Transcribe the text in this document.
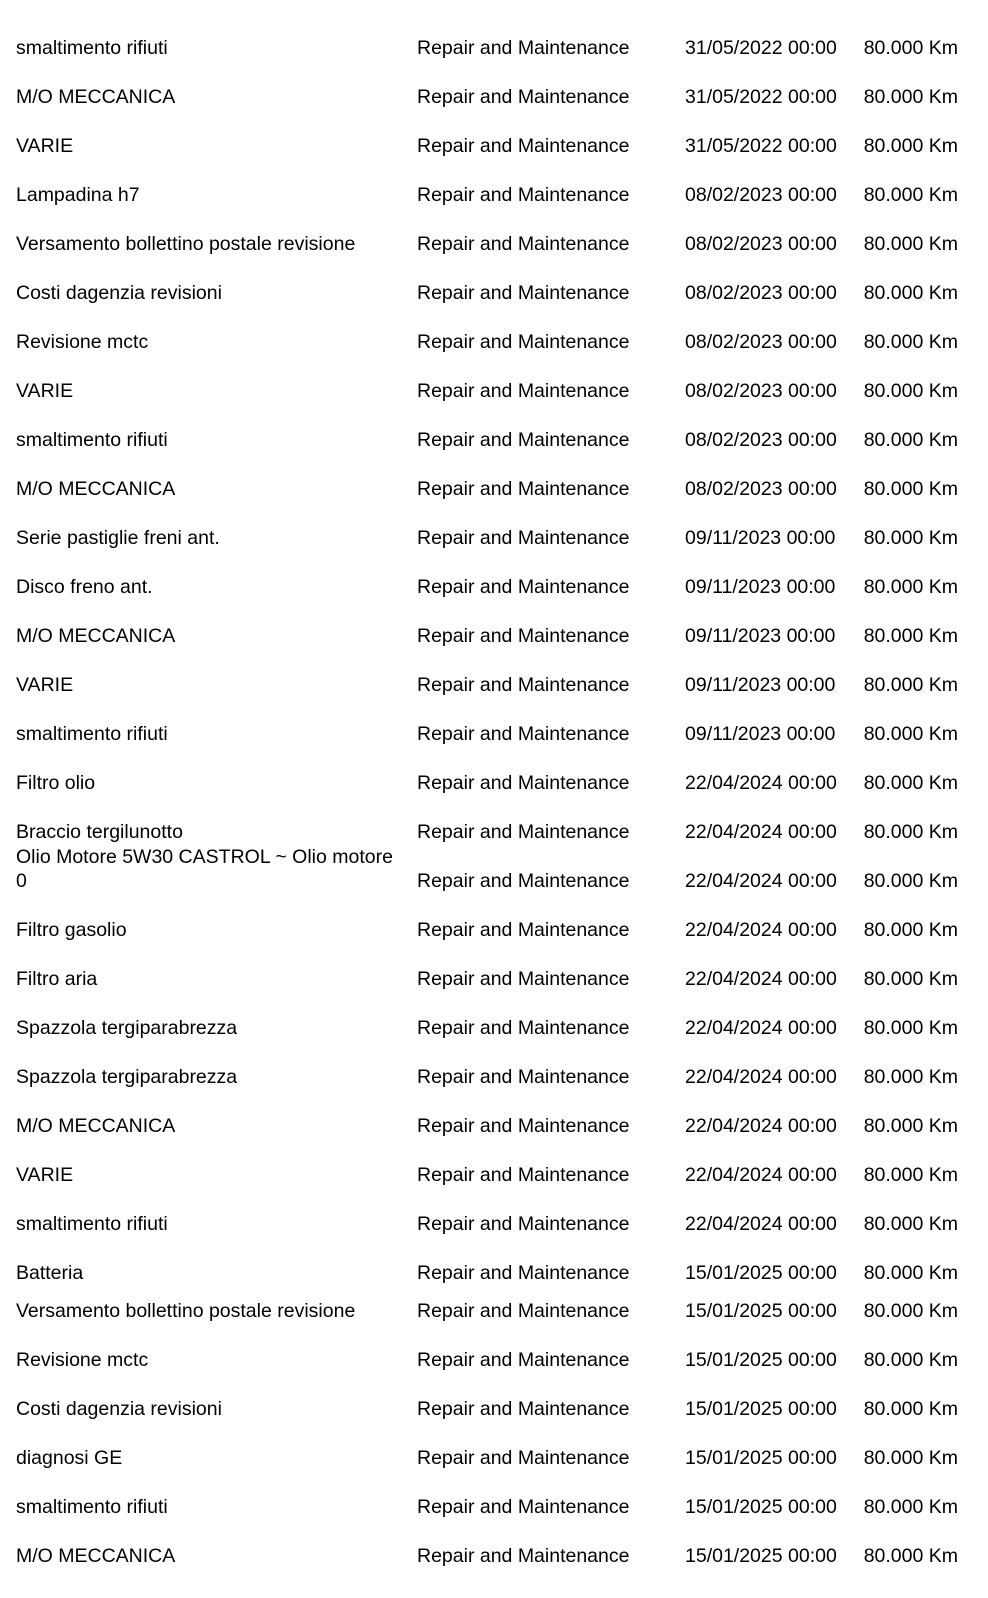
smaltimento rifiuti	Repair and Maintenance	31/05/2022 00:00 80.000 Km
M/O MECCANICA	Repair and Maintenance	31/05/2022 00:00 80.000 Km
VARIE	Repair and Maintenance	31/05/2022 00:00 80.000 Km
Lampadina h7	Repair and Maintenance	08/02/2023 00:00 80.000 Km
Versamento bollettino postale revisione	Repair and Maintenance	08/02/2023 00:00 80.000 Km
Costi dagenzia revisioni	Repair and Maintenance	08/02/2023 00:00 80.000 Km
Revisione mctc	Repair and Maintenance	08/02/2023 00:00 80.000 Km
VARIE	Repair and Maintenance	08/02/2023 00:00 80.000 Km
smaltimento rifiuti	Repair and Maintenance	08/02/2023 00:00 80.000 Km
M/O MECCANICA	Repair and Maintenance	08/02/2023 00:00 80.000 Km
Serie pastiglie freni ant.	Repair and Maintenance	09/11/2023 00:00 80.000 Km
Disco freno ant.	Repair and Maintenance	09/11/2023 00:00 80.000 Km
M/O MECCANICA	Repair and Maintenance	09/11/2023 00:00 80.000 Km
VARIE	Repair and Maintenance	09/11/2023 00:00 80.000 Km
smaltimento rifiuti	Repair and Maintenance	09/11/2023 00:00 80.000 Km
Filtro olio	Repair and Maintenance	22/04/2024 00:00 80.000 Km
Braccio tergilunotto	Repair and Maintenance	22/04/2024 00:00 80.000 Km
Olio Motore 5W30 CASTROL ~ Olio motore 0	Repair and Maintenance	22/04/2024 00:00 80.000 Km
Filtro gasolio	Repair and Maintenance	22/04/2024 00:00 80.000 Km
Filtro aria	Repair and Maintenance	22/04/2024 00:00 80.000 Km
Spazzola tergiparabrezza	Repair and Maintenance	22/04/2024 00:00 80.000 Km
Spazzola tergiparabrezza	Repair and Maintenance	22/04/2024 00:00 80.000 Km
M/O MECCANICA	Repair and Maintenance	22/04/2024 00:00 80.000 Km
VARIE	Repair and Maintenance	22/04/2024 00:00 80.000 Km
smaltimento rifiuti	Repair and Maintenance	22/04/2024 00:00 80.000 Km
Batteria	Repair and Maintenance	15/01/2025 00:00 80.000 Km
Versamento bollettino postale revisione	Repair and Maintenance	15/01/2025 00:00 80.000 Km
Revisione mctc	Repair and Maintenance	15/01/2025 00:00 80.000 Km
Costi dagenzia revisioni	Repair and Maintenance	15/01/2025 00:00 80.000 Km
diagnosi GE	Repair and Maintenance	15/01/2025 00:00 80.000 Km
smaltimento rifiuti	Repair and Maintenance	15/01/2025 00:00 80.000 Km
M/O MECCANICA	Repair and Maintenance	15/01/2025 00:00 80.000 Km
